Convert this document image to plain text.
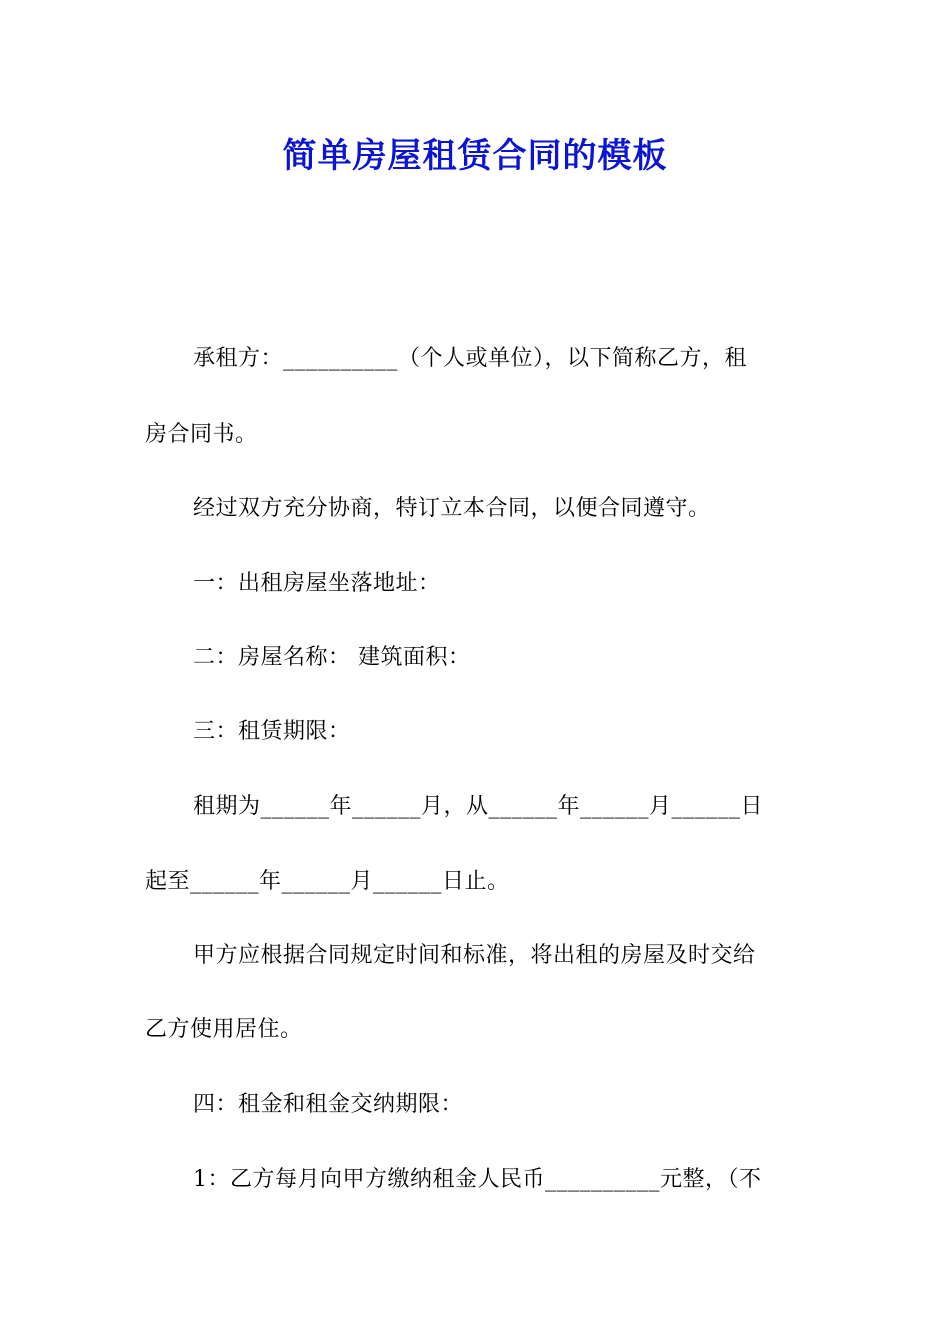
简单房屋租赁合同的模板
承租方：__________（个人或单位），以下简称乙方，租
房合同书。
经过双方充分协商，特订立本合同，以便合同遵守。
一：出租房屋坐落地址：
二：房屋名称： 建筑面积：
三：租赁期限：
租期为______年______月，从______年______月______日
起至______年______月______日止。
甲方应根据合同规定时间和标准，将出租的房屋及时交给
乙方使用居住。
四：租金和租金交纳期限：
1：乙方每月向甲方缴纳租金人民币__________元整，（不
